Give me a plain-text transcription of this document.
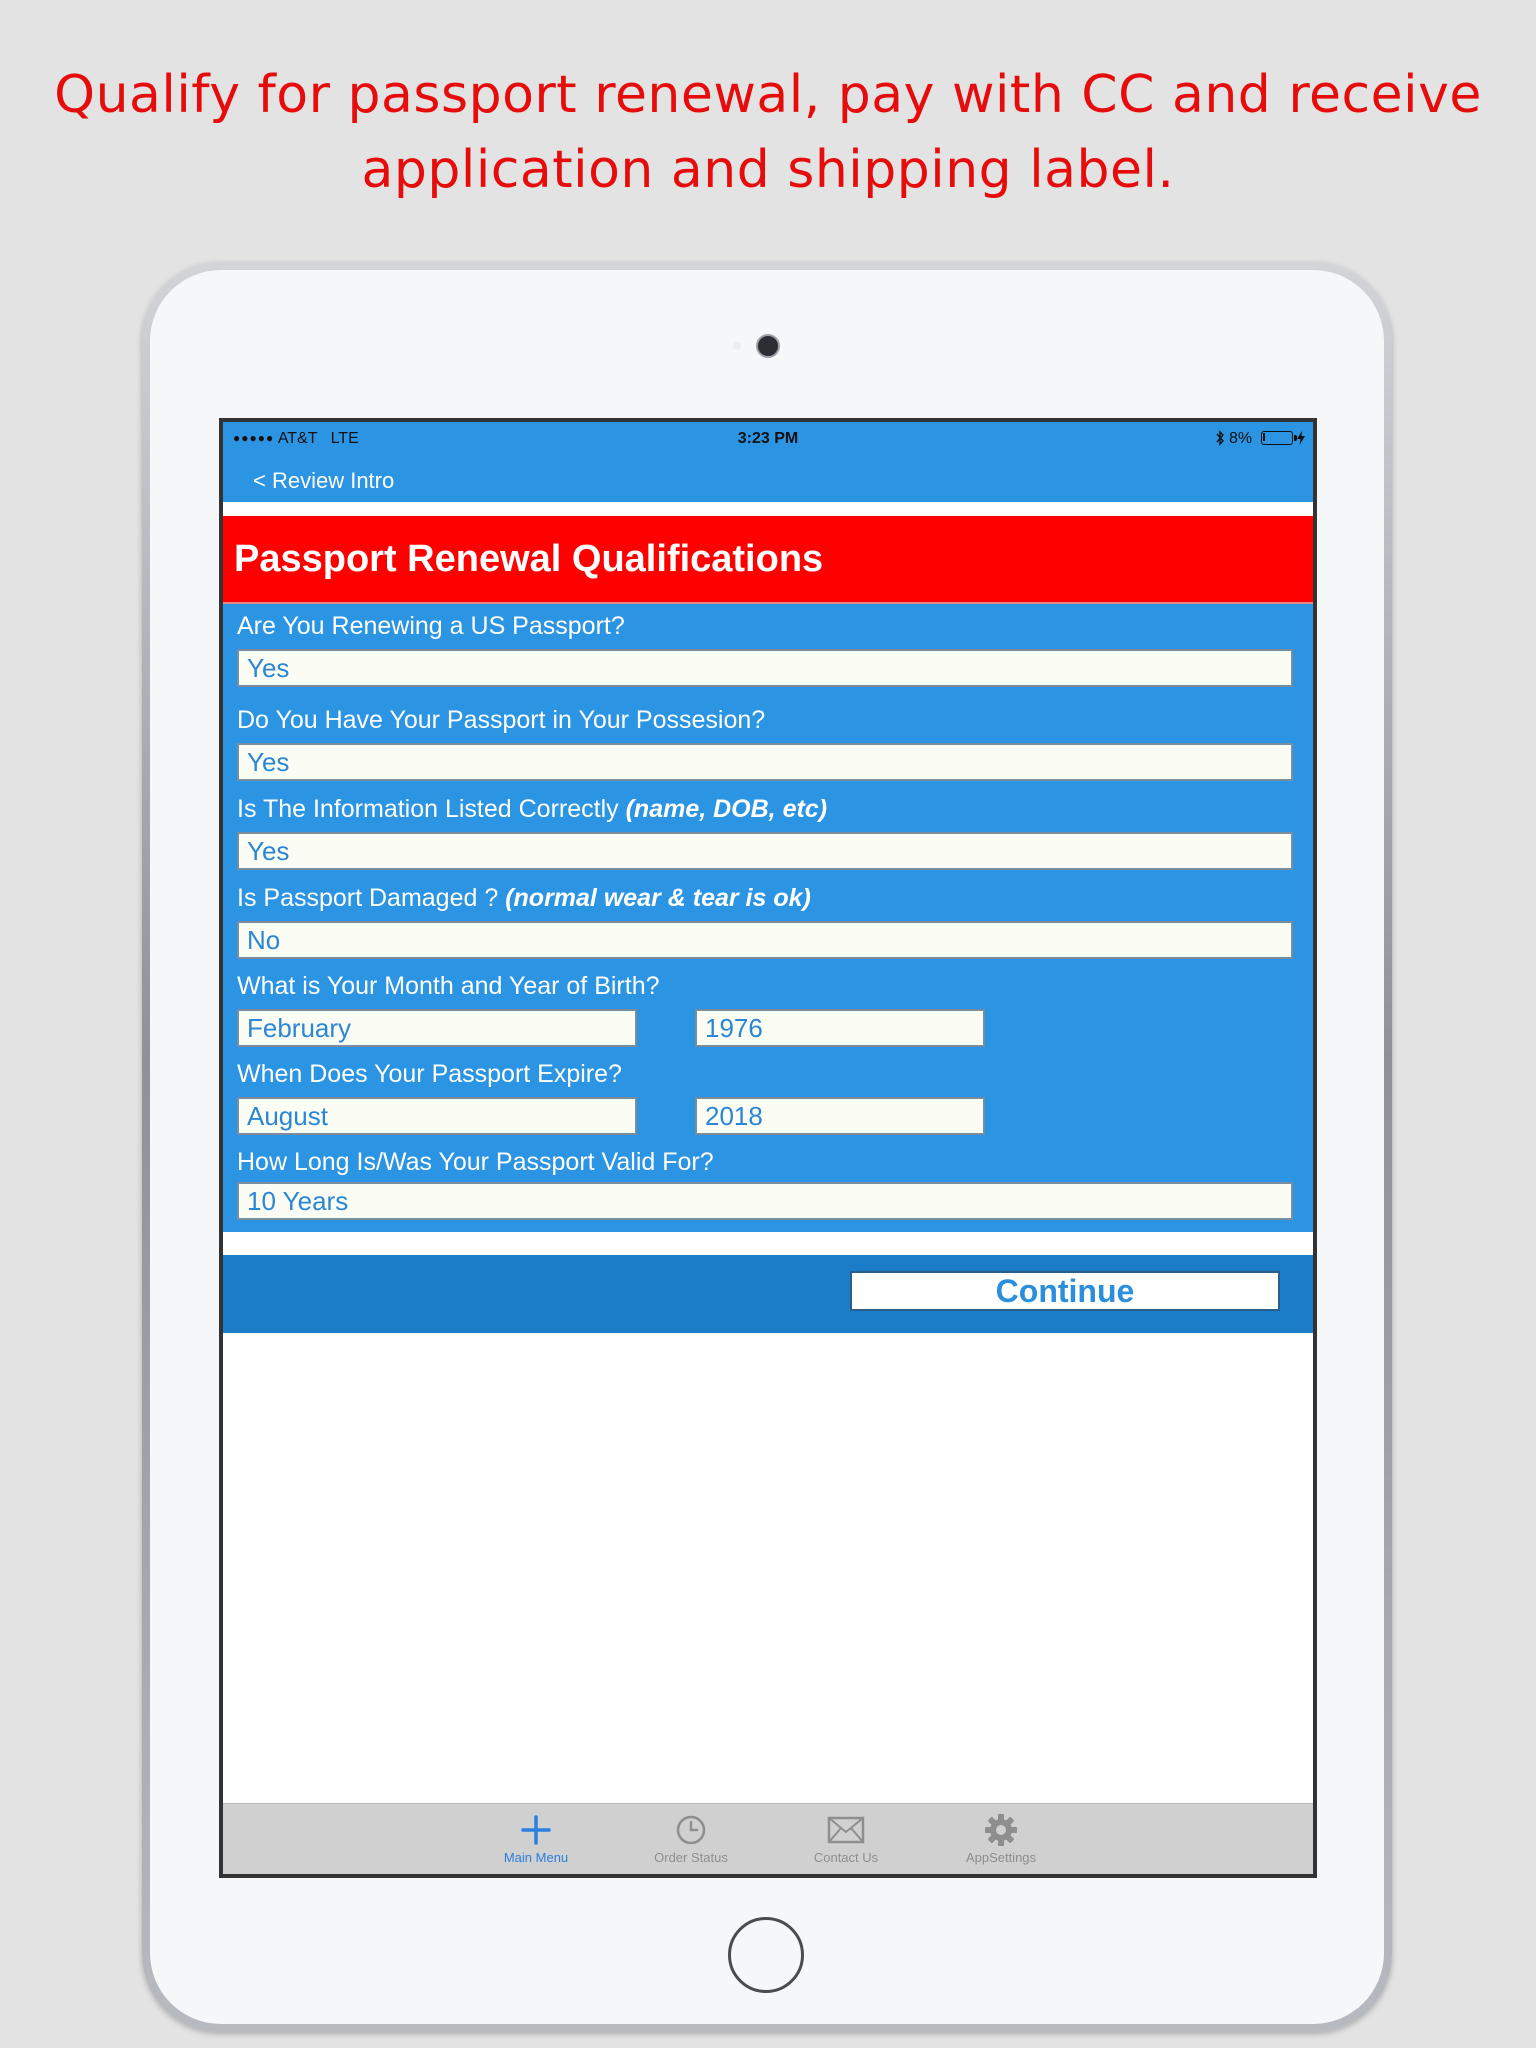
Qualify for passport renewal, pay with CC and receive
application and shipping label.
●●●●● AT&T LTE	3:23 PM	8%

< Review Intro
Passport Renewal Qualifications
Are You Renewing a US Passport?
Yes
Do You Have Your Passport in Your Possesion?
Yes
Is The Information Listed Correctly (name, DOB, etc)
Yes
Is Passport Damaged ? (normal wear & tear is ok)
No
What is Your Month and Year of Birth?
February	1976
When Does Your Passport Expire?
August	2018
How Long Is/Was Your Passport Valid For?
10 Years
Continue
Main Menu	Order Status	Contact Us	AppSettings
